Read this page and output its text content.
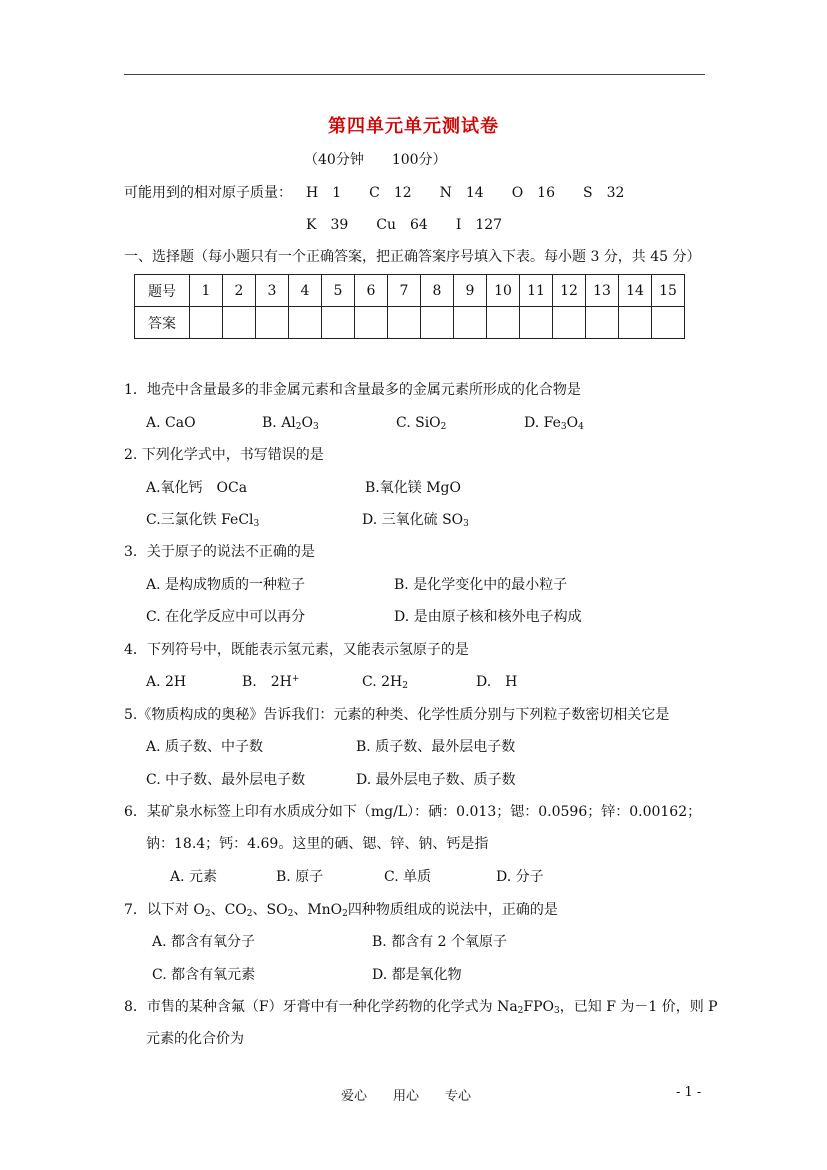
第四单元单元测试卷
（40分钟　　100分）
可能用到的相对原子质量： H　1　　C　12　　N　14　　O　16　　S　32
K　39　　Cu　64　　I　127
一、选择题（每小题只有一个正确答案，把正确答案序号填入下表。每小题 3 分，共 45 分）
题号	1	2	3	4	5	6	7	8	9	10	11	12	13	14	15
答案															
1．地壳中含量最多的非金属元素和含量最多的金属元素所形成的化合物是
A. CaO	B. $Al_2O_3$	C. SiO$_2$	D. $Fe_3O_4$
2. 下列化学式中，书写错误的是
A.氧化钙　OCa	B.氧化镁 MgO
C.三氯化铁 FeCl$_3$	D. 三氧化硫 $SO_3$
3．关于原子的说法不正确的是
A. 是构成物质的一种粒子	B. 是化学变化中的最小粒子
C. 在化学反应中可以再分	D. 是由原子核和核外电子构成
4．下列符号中，既能表示氢元素，又能表示氢原子的是
A. 2H	B.　2H+	C. $2H_2$	D.　H
5.《物质构成的奥秘》告诉我们：元素的种类、化学性质分别与下列粒子数密切相关它是
A. 质子数、中子数	B. 质子数、最外层电子数
C. 中子数、最外层电子数	D. 最外层电子数、质子数
6．某矿泉水标签上印有水质成分如下（mg/L）：硒：0.013；锶：0.0596；锌：0.00162；
钠：18.4；钙：4.69。这里的硒、锶、锌、钠、钙是指
A. 元素	B. 原子	C. 单质	D. 分子
7．以下对 $O_2$、$CO_2$、$SO_2$、MnO$_2$四种物质组成的说法中，正确的是
A. 都含有氧分子	B. 都含有 2 个氧原子
C. 都含有氧元素	D. 都是氧化物
8．市售的某种含氟（F）牙膏中有一种化学药物的化学式为 $Na_2FPO_3$，已知 F 为－1 价，则 P
元素的化合价为
爱心　　用心　　专心	- 1 -
